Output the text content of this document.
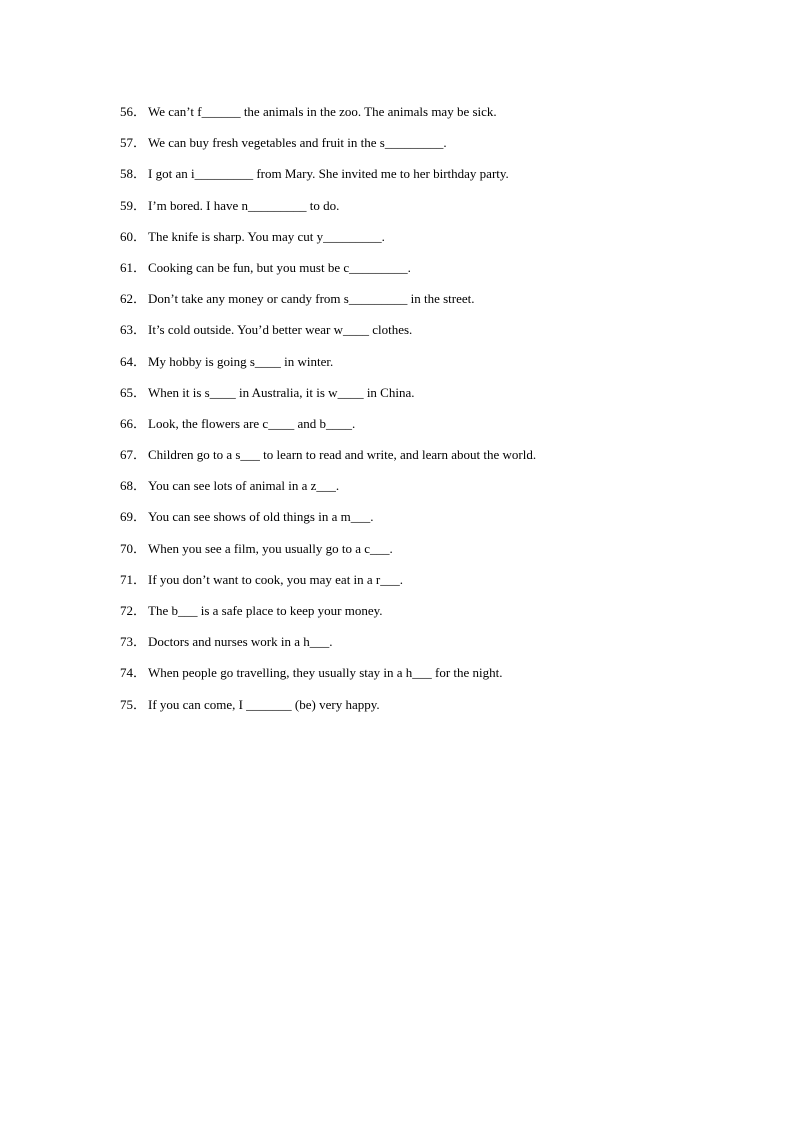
56． We can’t f______ the animals in the zoo. The animals may be sick.
57． We can buy fresh vegetables and fruit in the s_________.
58． I got an i_________ from Mary. She invited me to her birthday party.
59． I’m bored. I have n_________ to do.
60． The knife is sharp. You may cut y_________.
61． Cooking can be fun, but you must be c_________.
62． Don’t take any money or candy from s_________ in the street.
63． It’s cold outside. You’d better wear w____ clothes.
64． My hobby is going s____ in winter.
65． When it is s____ in Australia, it is w____ in China.
66． Look, the flowers are c____ and b____.
67． Children go to a s___ to learn to read and write, and learn about the world.
68． You can see lots of animal in a z___.
69． You can see shows of old things in a m___.
70． When you see a film, you usually go to a c___.
71． If you don’t want to cook, you may eat in a r___.
72． The b___ is a safe place to keep your money.
73． Doctors and nurses work in a h___.
74． When people go travelling, they usually stay in a h___ for the night.
75． If you can come, I _______ (be) very happy.
